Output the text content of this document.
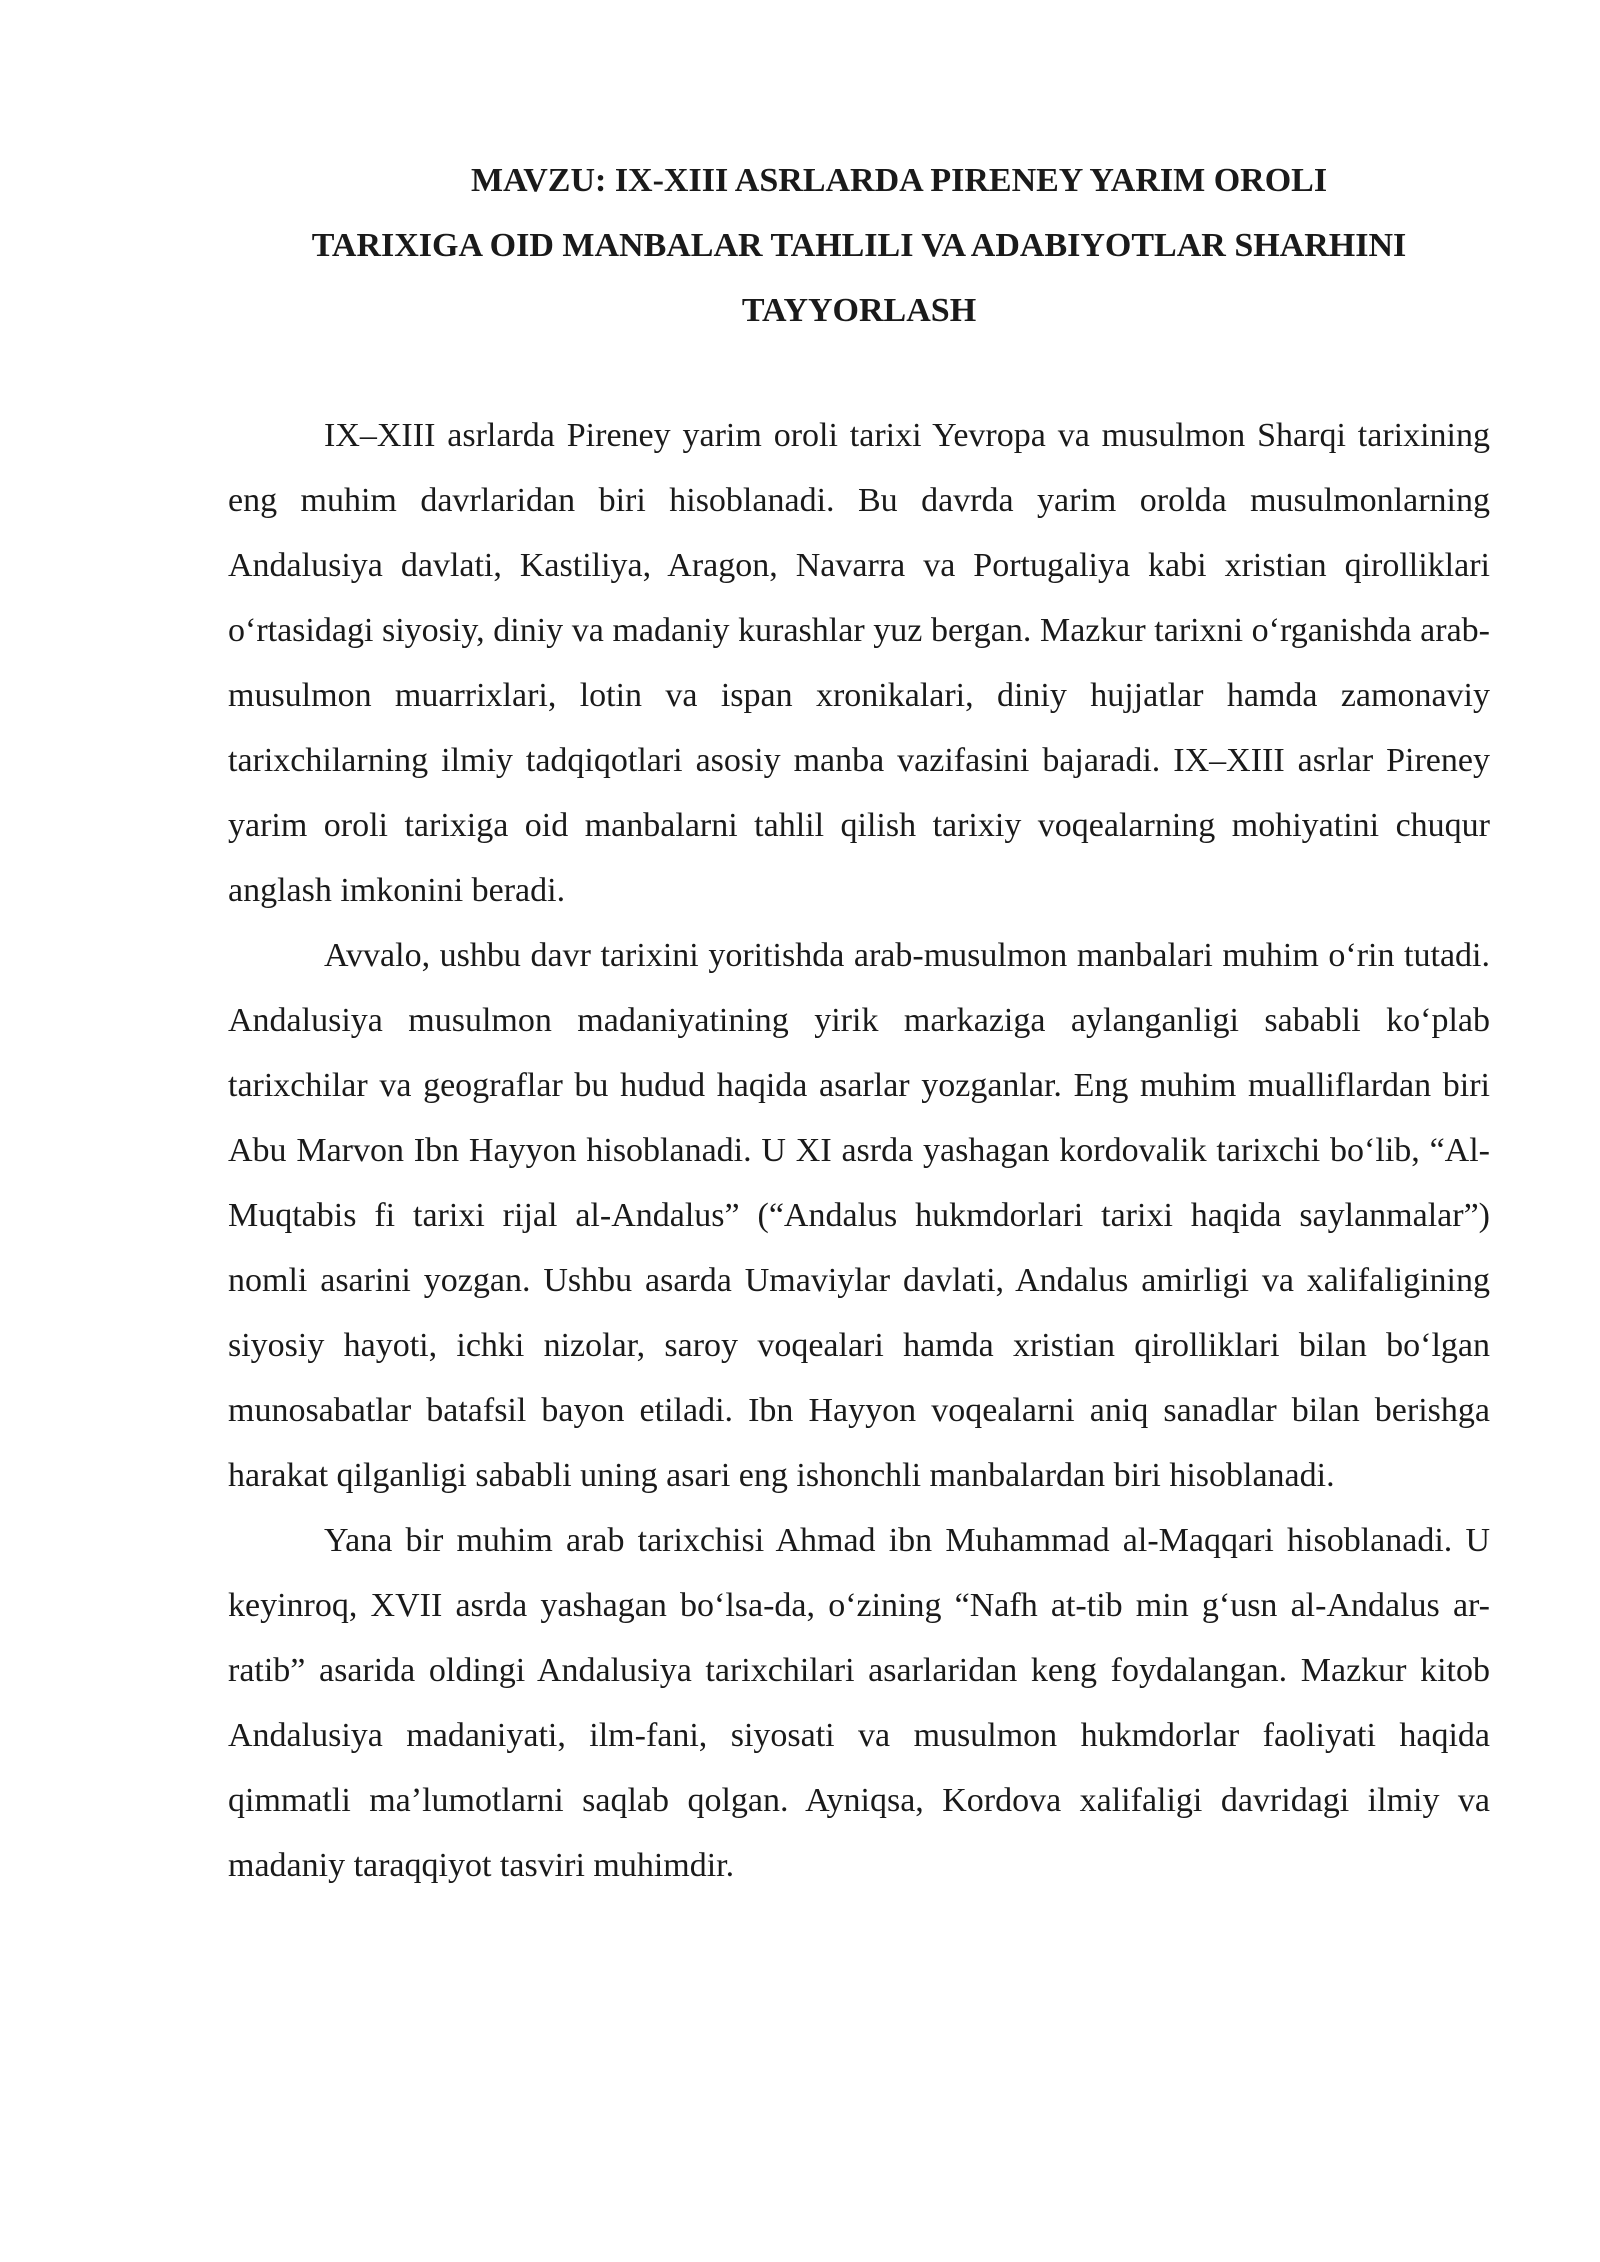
MAVZU: IX-XIII ASRLARDA PIRENEY YARIM OROLI
TARIXIGA OID MANBALAR TAHLILI VA ADABIYOTLAR SHARHINI
TAYYORLASH

IX–XIII asrlarda Pireney yarim oroli tarixi Yevropa va musulmon Sharqi tarixining eng muhim davrlaridan biri hisoblanadi. Bu davrda yarim orolda musulmonlarning Andalusiya davlati, Kastiliya, Aragon, Navarra va Portugaliya kabi xristian qirolliklari oʻrtasidagi siyosiy, diniy va madaniy kurashlar yuz bergan. Mazkur tarixni oʻrganishda arab-musulmon muarrixlari, lotin va ispan xronikalari, diniy hujjatlar hamda zamonaviy tarixchilarning ilmiy tadqiqotlari asosiy manba vazifasini bajaradi. IX–XIII asrlar Pireney yarim oroli tarixiga oid manbalarni tahlil qilish tarixiy voqealarning mohiyatini chuqur anglash imkonini beradi.

Avvalo, ushbu davr tarixini yoritishda arab-musulmon manbalari muhim oʻrin tutadi. Andalusiya musulmon madaniyatining yirik markaziga aylanganligi sababli koʻplab tarixchilar va geograflar bu hudud haqida asarlar yozganlar. Eng muhim mualliflardan biri Abu Marvon Ibn Hayyon hisoblanadi. U XI asrda yashagan kordovalik tarixchi boʻlib, “Al-Muqtabis fi tarixi rijal al-Andalus” (“Andalus hukmdorlari tarixi haqida saylanmalar”) nomli asarini yozgan. Ushbu asarda Umaviylar davlati, Andalus amirligi va xalifaligining siyosiy hayoti, ichki nizolar, saroy voqealari hamda xristian qirolliklari bilan boʻlgan munosabatlar batafsil bayon etiladi. Ibn Hayyon voqealarni aniq sanadlar bilan berishga harakat qilganligi sababli uning asari eng ishonchli manbalardan biri hisoblanadi.

Yana bir muhim arab tarixchisi Ahmad ibn Muhammad al-Maqqari hisoblanadi. U keyinroq, XVII asrda yashagan boʻlsa-da, oʻzining “Nafh at-tib min gʻusn al-Andalus ar-ratib” asarida oldingi Andalusiya tarixchilari asarlaridan keng foydalangan. Mazkur kitob Andalusiya madaniyati, ilm-fani, siyosati va musulmon hukmdorlar faoliyati haqida qimmatli maʼlumotlarni saqlab qolgan. Ayniqsa, Kordova xalifaligi davridagi ilmiy va madaniy taraqqiyot tasviri muhimdir.
